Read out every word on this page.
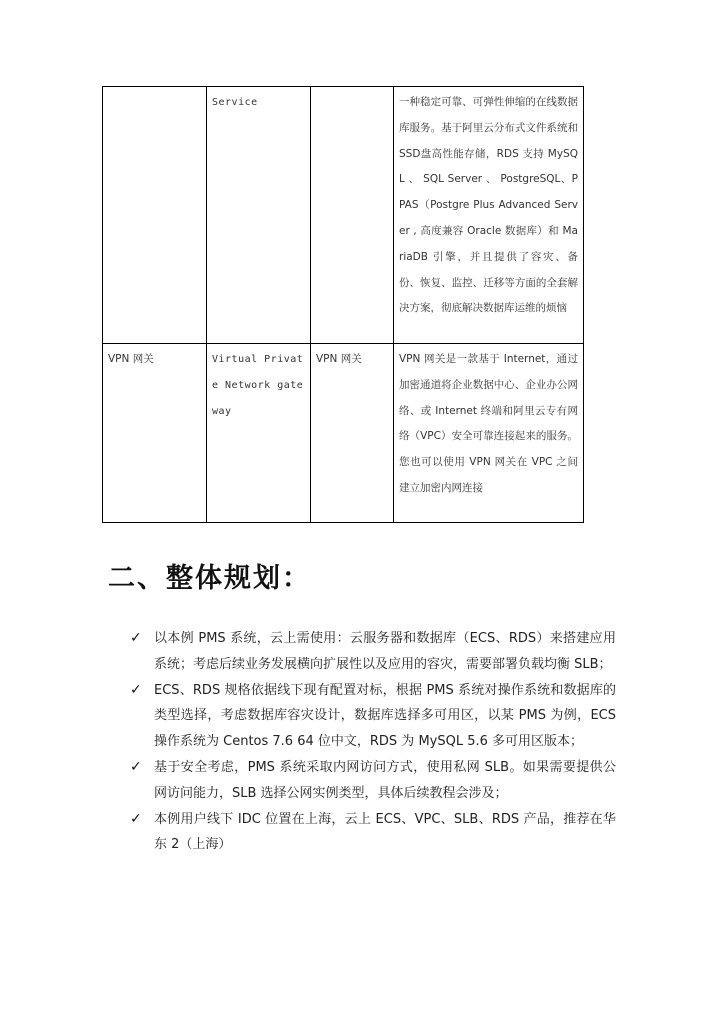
	Service		一种稳定可靠、可弹性伸缩的在线数据库服务。基于阿里云分布式文件系统和SSD盘高性能存储，RDS 支持 MySQL 、 SQL Server 、 PostgreSQL、PPAS（Postgre Plus Advanced Server , 高度兼容 Oracle 数据库）和 MariaDB 引擎，并且提供了容灾、备份、恢复、监控、迁移等方面的全套解决方案，彻底解决数据库运维的烦恼
VPN 网关	Virtual Private Network gateway	VPN 网关	VPN 网关是一款基于 Internet，通过加密通道将企业数据中心、企业办公网络、或 Internet 终端和阿里云专有网络（VPC）安全可靠连接起来的服务。您也可以使用 VPN 网关在 VPC 之间建立加密内网连接
二、整体规划：
✓ 以本例 PMS 系统，云上需使用：云服务器和数据库（ECS、RDS）来搭建应用系统；考虑后续业务发展横向扩展性以及应用的容灾，需要部署负载均衡 SLB；
✓ ECS、RDS 规格依据线下现有配置对标，根据 PMS 系统对操作系统和数据库的类型选择，考虑数据库容灾设计，数据库选择多可用区，以某 PMS 为例，ECS 操作系统为 Centos 7.6 64 位中文，RDS 为 MySQL 5.6 多可用区版本；
✓ 基于安全考虑，PMS 系统采取内网访问方式，使用私网 SLB。如果需要提供公网访问能力，SLB 选择公网实例类型，具体后续教程会涉及；
✓ 本例用户线下 IDC 位置在上海，云上 ECS、VPC、SLB、RDS 产品，推荐在华东 2（上海）
